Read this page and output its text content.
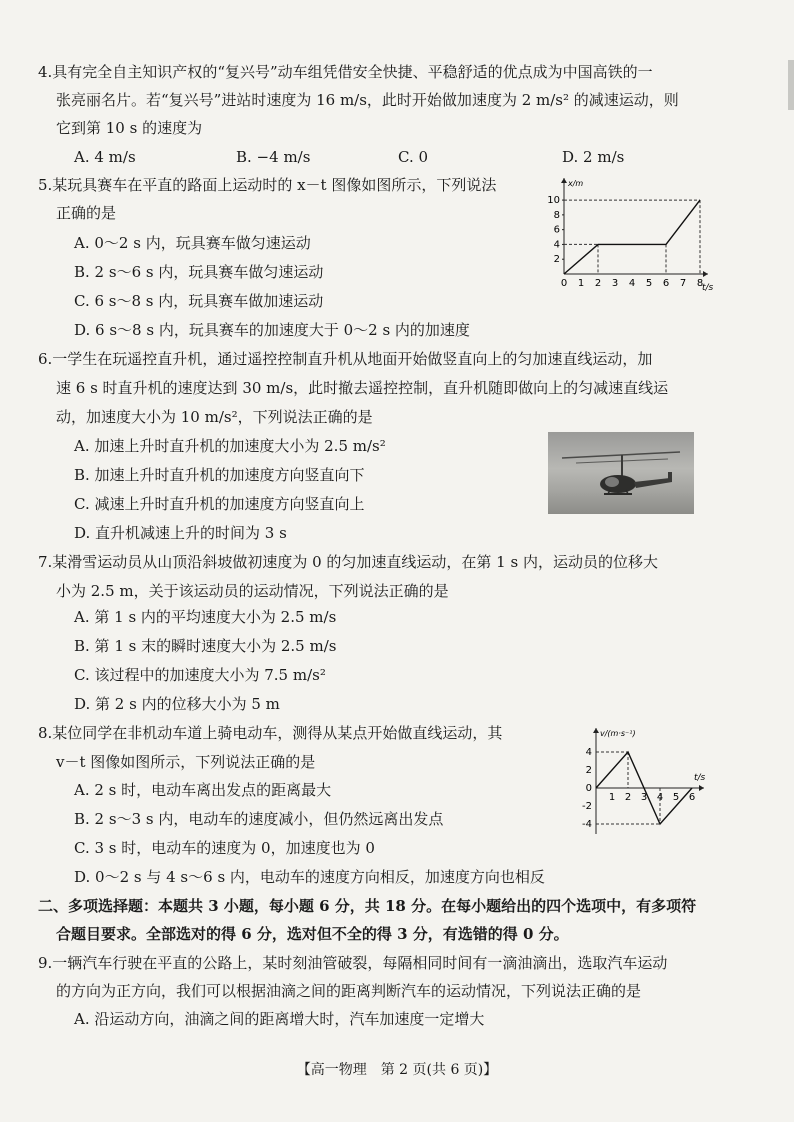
4.具有完全自主知识产权的“复兴号”动车组凭借安全快捷、平稳舒适的优点成为中国高铁的一
张亮丽名片。若“复兴号”进站时速度为 16 m/s，此时开始做加速度为 2 m/s² 的减速运动，则
它到第 10 s 的速度为
A. 4 m/s	B. −4 m/s	C. 0	D. 2 m/s
5.某玩具赛车在平直的路面上运动时的 x－t 图像如图所示，下列说法
正确的是
A. 0～2 s 内，玩具赛车做匀速运动
B. 2 s～6 s 内，玩具赛车做匀速运动
C. 6 s～8 s 内，玩具赛车做加速运动
D. 6 s～8 s 内，玩具赛车的加速度大于 0～2 s 内的加速度
x/m
t/s
0 1 2 3 4 5 6 7 8
2
4
6
8
10
6.一学生在玩遥控直升机，通过遥控控制直升机从地面开始做竖直向上的匀加速直线运动，加
速 6 s 时直升机的速度达到 30 m/s，此时撤去遥控控制，直升机随即做向上的匀减速直线运
动，加速度大小为 10 m/s²，下列说法正确的是
A. 加速上升时直升机的加速度大小为 2.5 m/s²
B. 加速上升时直升机的加速度方向竖直向下
C. 减速上升时直升机的加速度方向竖直向上
D. 直升机减速上升的时间为 3 s
7.某滑雪运动员从山顶沿斜坡做初速度为 0 的匀加速直线运动，在第 1 s 内，运动员的位移大
小为 2.5 m，关于该运动员的运动情况，下列说法正确的是
A. 第 1 s 内的平均速度大小为 2.5 m/s
B. 第 1 s 末的瞬时速度大小为 2.5 m/s
C. 该过程中的加速度大小为 7.5 m/s²
D. 第 2 s 内的位移大小为 5 m
8.某位同学在非机动车道上骑电动车，测得从某点开始做直线运动，其
v－t 图像如图所示，下列说法正确的是
A. 2 s 时，电动车离出发点的距离最大
B. 2 s～3 s 内，电动车的速度减小，但仍然远离出发点
C. 3 s 时，电动车的速度为 0，加速度也为 0
D. 0～2 s 与 4 s～6 s 内，电动车的速度方向相反，加速度方向也相反
v/(m·s⁻¹)
t/s
1 2 3 4 5 6
4
2
0
-2
-4
二、多项选择题：本题共 3 小题，每小题 6 分，共 18 分。在每小题给出的四个选项中，有多项符
合题目要求。全部选对的得 6 分，选对但不全的得 3 分，有选错的得 0 分。
9.一辆汽车行驶在平直的公路上，某时刻油管破裂，每隔相同时间有一滴油滴出，选取汽车运动
的方向为正方向，我们可以根据油滴之间的距离判断汽车的运动情况，下列说法正确的是
A. 沿运动方向，油滴之间的距离增大时，汽车加速度一定增大
【高一物理　第 2 页(共 6 页)】
